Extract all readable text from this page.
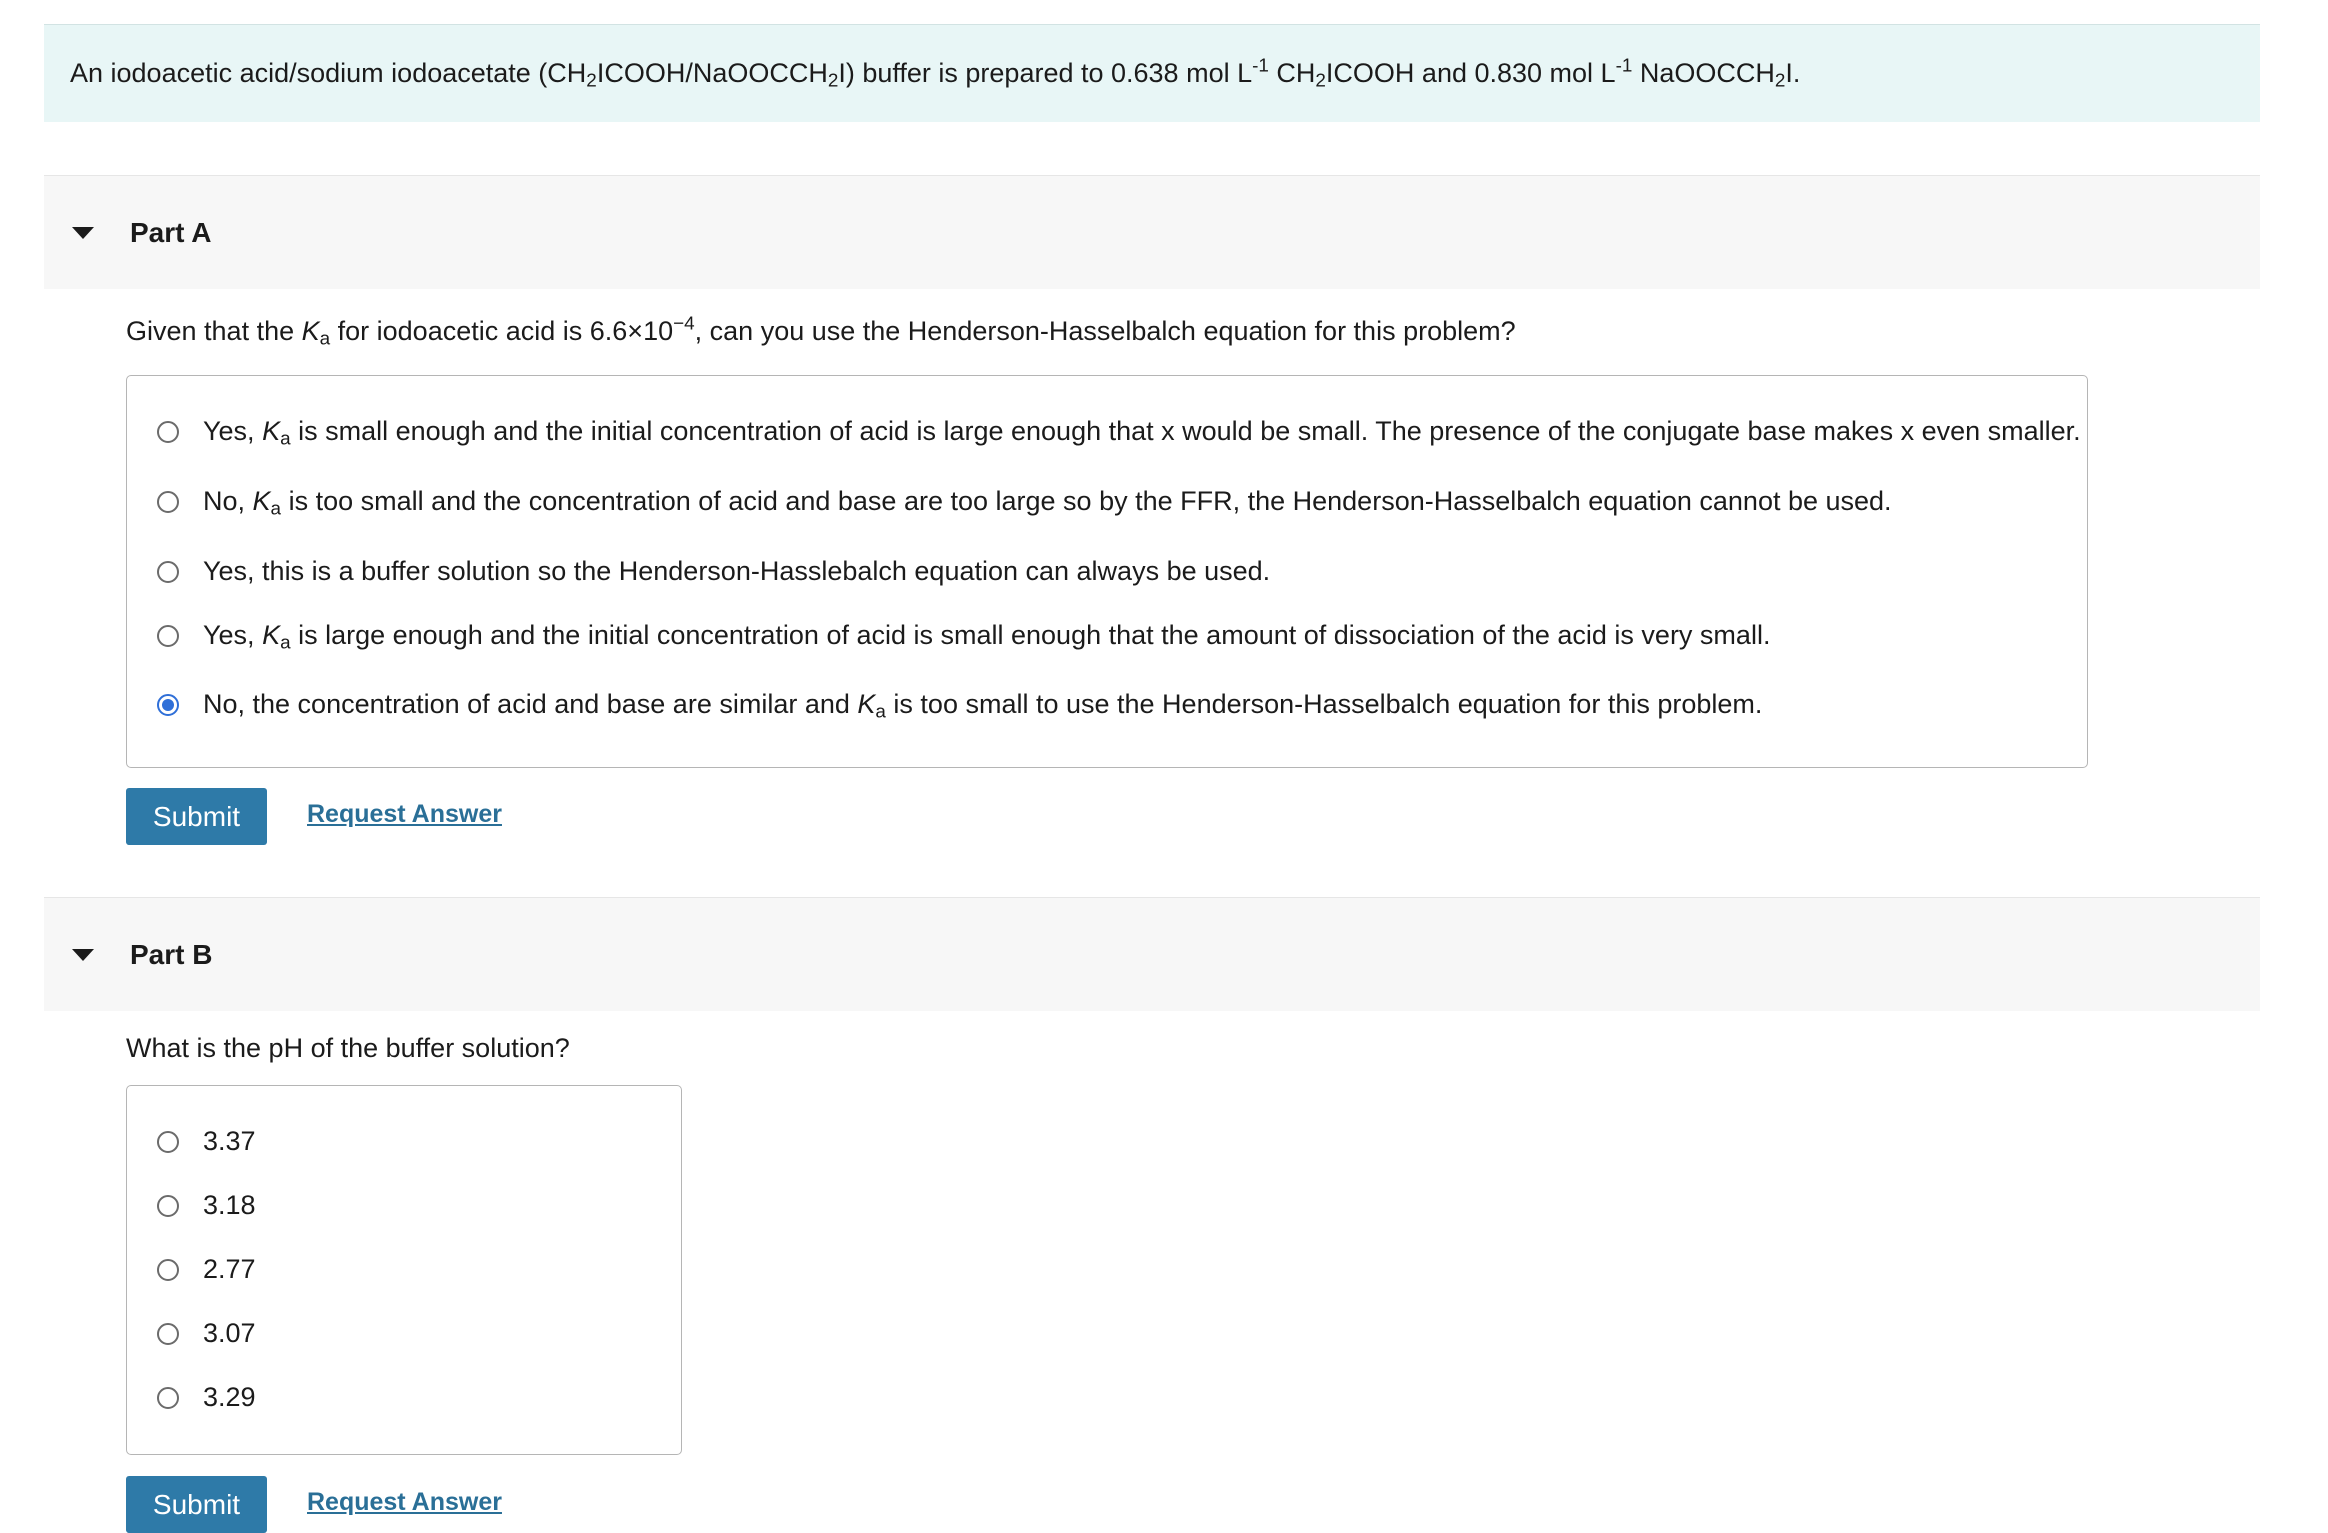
An iodoacetic acid/sodium iodoacetate $(CH_2ICOOH/NaOOCCH_2I)$ buffer is prepared to 0.638 mol $L^{-1}$ $CH_2ICOOH$ and 0.830 mol $L^{-1}$ NaOOCCH$_2$I.
Part A
Given that the $K_a$ for iodoacetic acid is $6.6\times 10^{-4}$, can you use the Henderson-Hasselbalch equation for this problem?
Yes, $K_a$ is small enough and the initial concentration of acid is large enough that x would be small. The presence of the conjugate base makes x even smaller.
No, $K_a$ is too small and the concentration of acid and base are too large so by the FFR, the Henderson-Hasselbalch equation cannot be used.
Yes, this is a buffer solution so the Henderson-Hasslebalch equation can always be used.
Yes, $K_a$ is large enough and the initial concentration of acid is small enough that the amount of dissociation of the acid is very small.
No, the concentration of acid and base are similar and $K_a$ is too small to use the Henderson-Hasselbalch equation for this problem.
Submit	Request Answer
Part B
What is the pH of the buffer solution?
3.37
3.18
2.77
3.07
3.29
Submit	Request Answer
